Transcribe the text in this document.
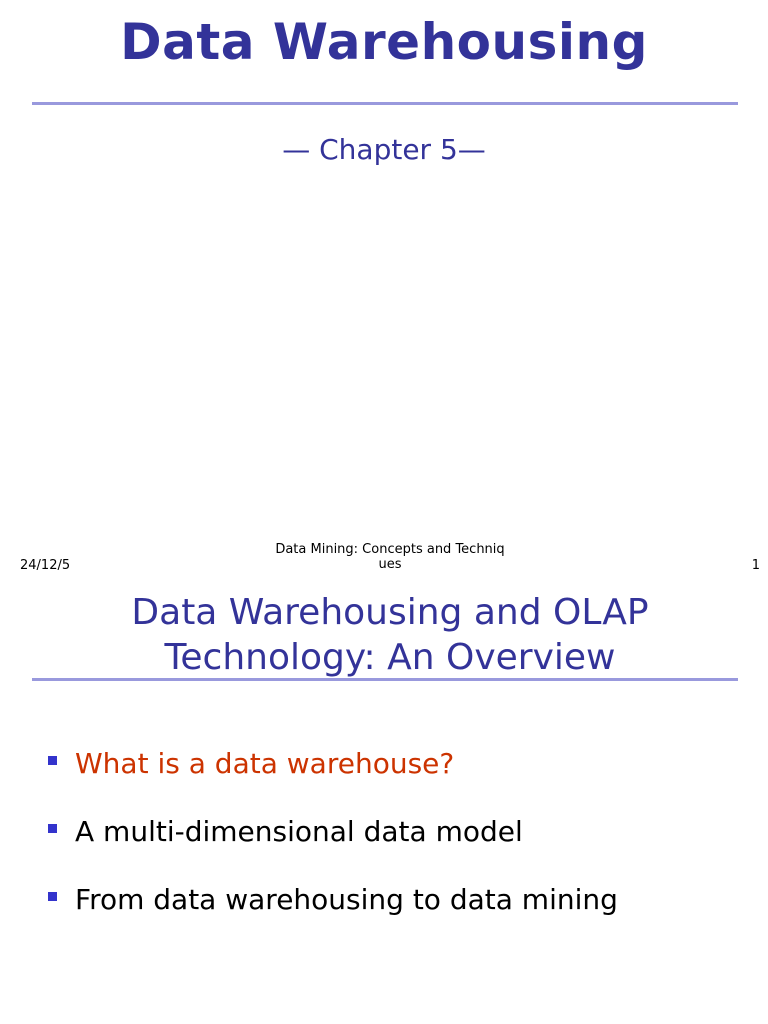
Data Warehousing
— Chapter 5—
24/12/5
Data Mining: Concepts and Techniq
ues	1
Data Warehousing and OLAP
Technology: An Overview
What is a data warehouse?
A multi-dimensional data model
From data warehousing to data mining
